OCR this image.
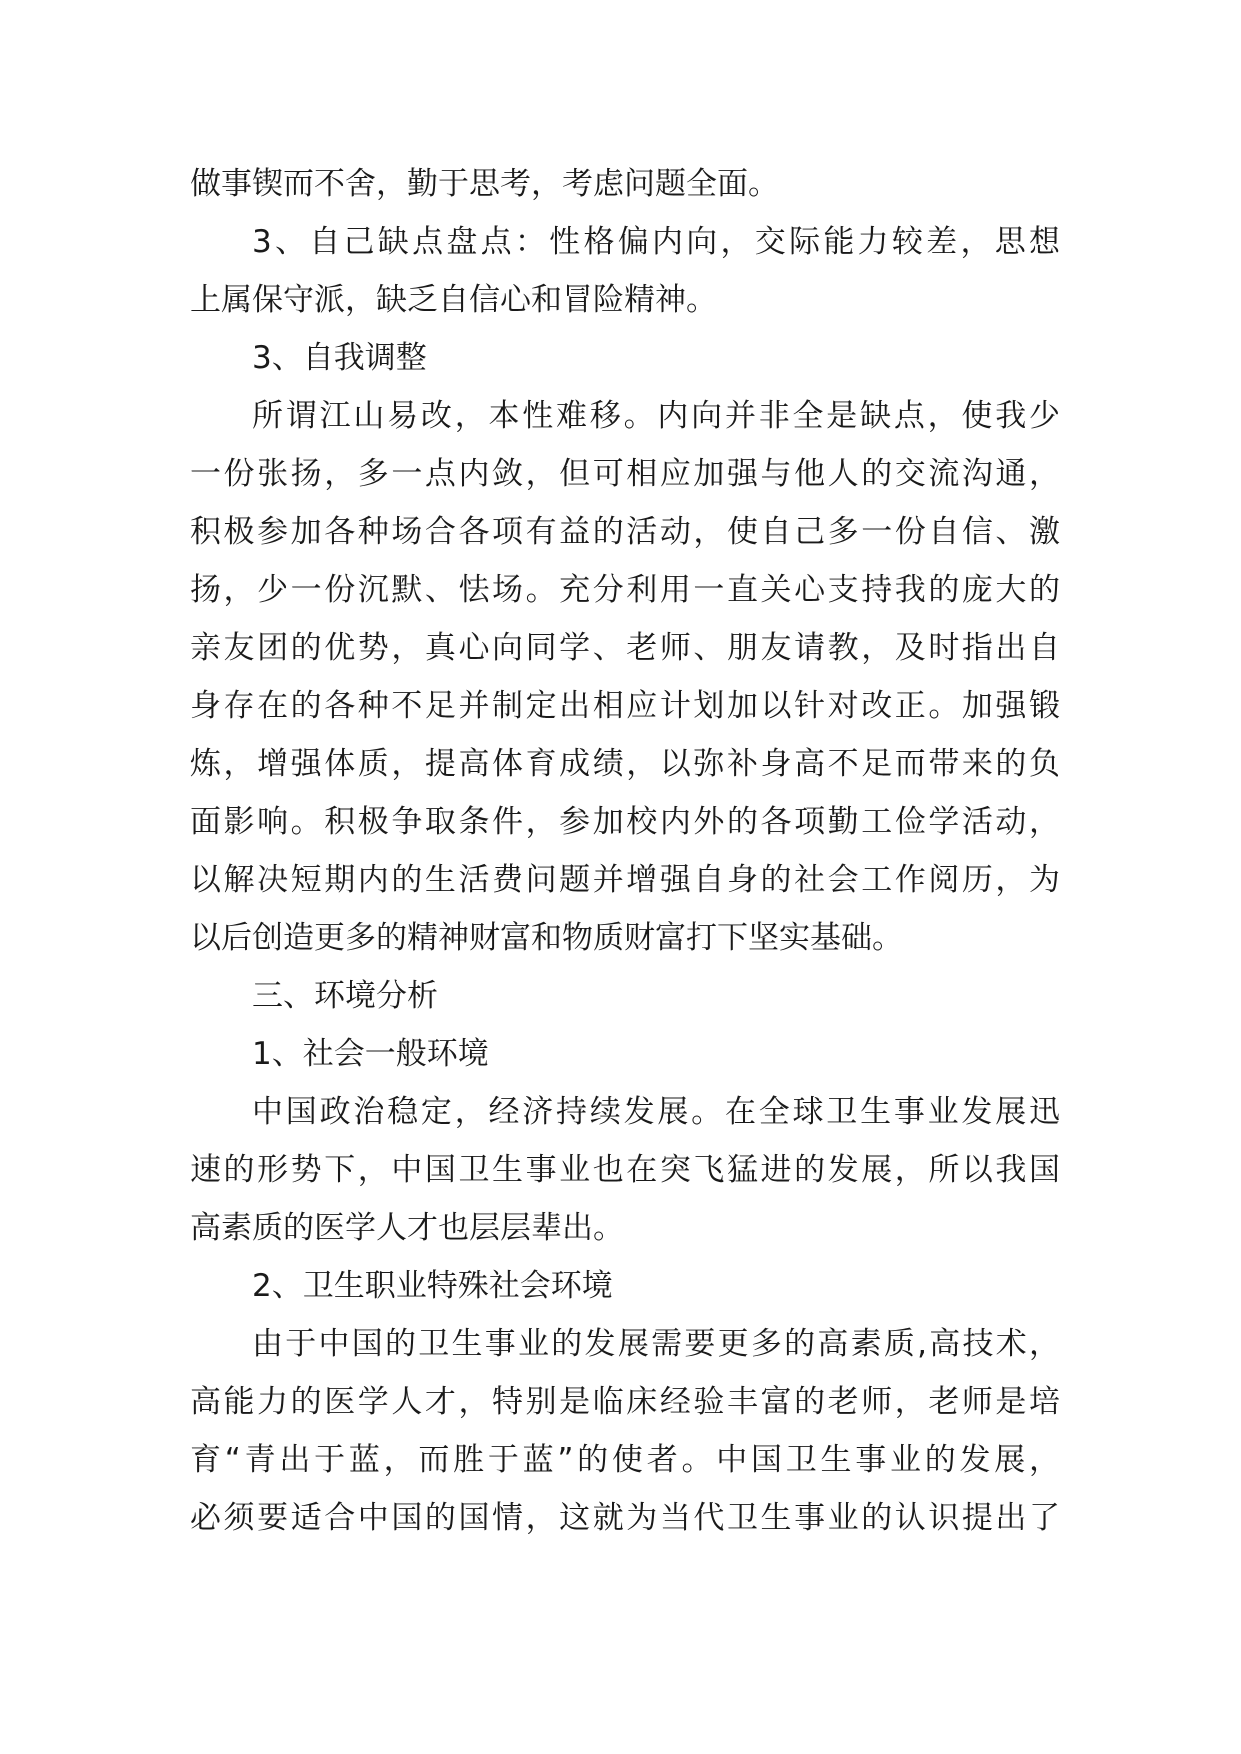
做事锲而不舍，勤于思考，考虑问题全面。
3、自己缺点盘点：性格偏内向，交际能力较差，思想
上属保守派，缺乏自信心和冒险精神。
3、自我调整
所谓江山易改，本性难移。内向并非全是缺点，使我少
一份张扬，多一点内敛，但可相应加强与他人的交流沟通，
积极参加各种场合各项有益的活动，使自己多一份自信、激
扬，少一份沉默、怯场。充分利用一直关心支持我的庞大的
亲友团的优势，真心向同学、老师、朋友请教，及时指出自
身存在的各种不足并制定出相应计划加以针对改正。加强锻
炼，增强体质，提高体育成绩，以弥补身高不足而带来的负
面影响。积极争取条件，参加校内外的各项勤工俭学活动，
以解决短期内的生活费问题并增强自身的社会工作阅历，为
以后创造更多的精神财富和物质财富打下坚实基础。
三、环境分析
1、社会一般环境
中国政治稳定，经济持续发展。在全球卫生事业发展迅
速的形势下，中国卫生事业也在突飞猛进的发展，所以我国
高素质的医学人才也层层辈出。
2、卫生职业特殊社会环境
由于中国的卫生事业的发展需要更多的高素质,高技术，
高能力的医学人才，特别是临床经验丰富的老师，老师是培
育“青出于蓝，而胜于蓝”的使者。中国卫生事业的发展，
必须要适合中国的国情，这就为当代卫生事业的认识提出了
